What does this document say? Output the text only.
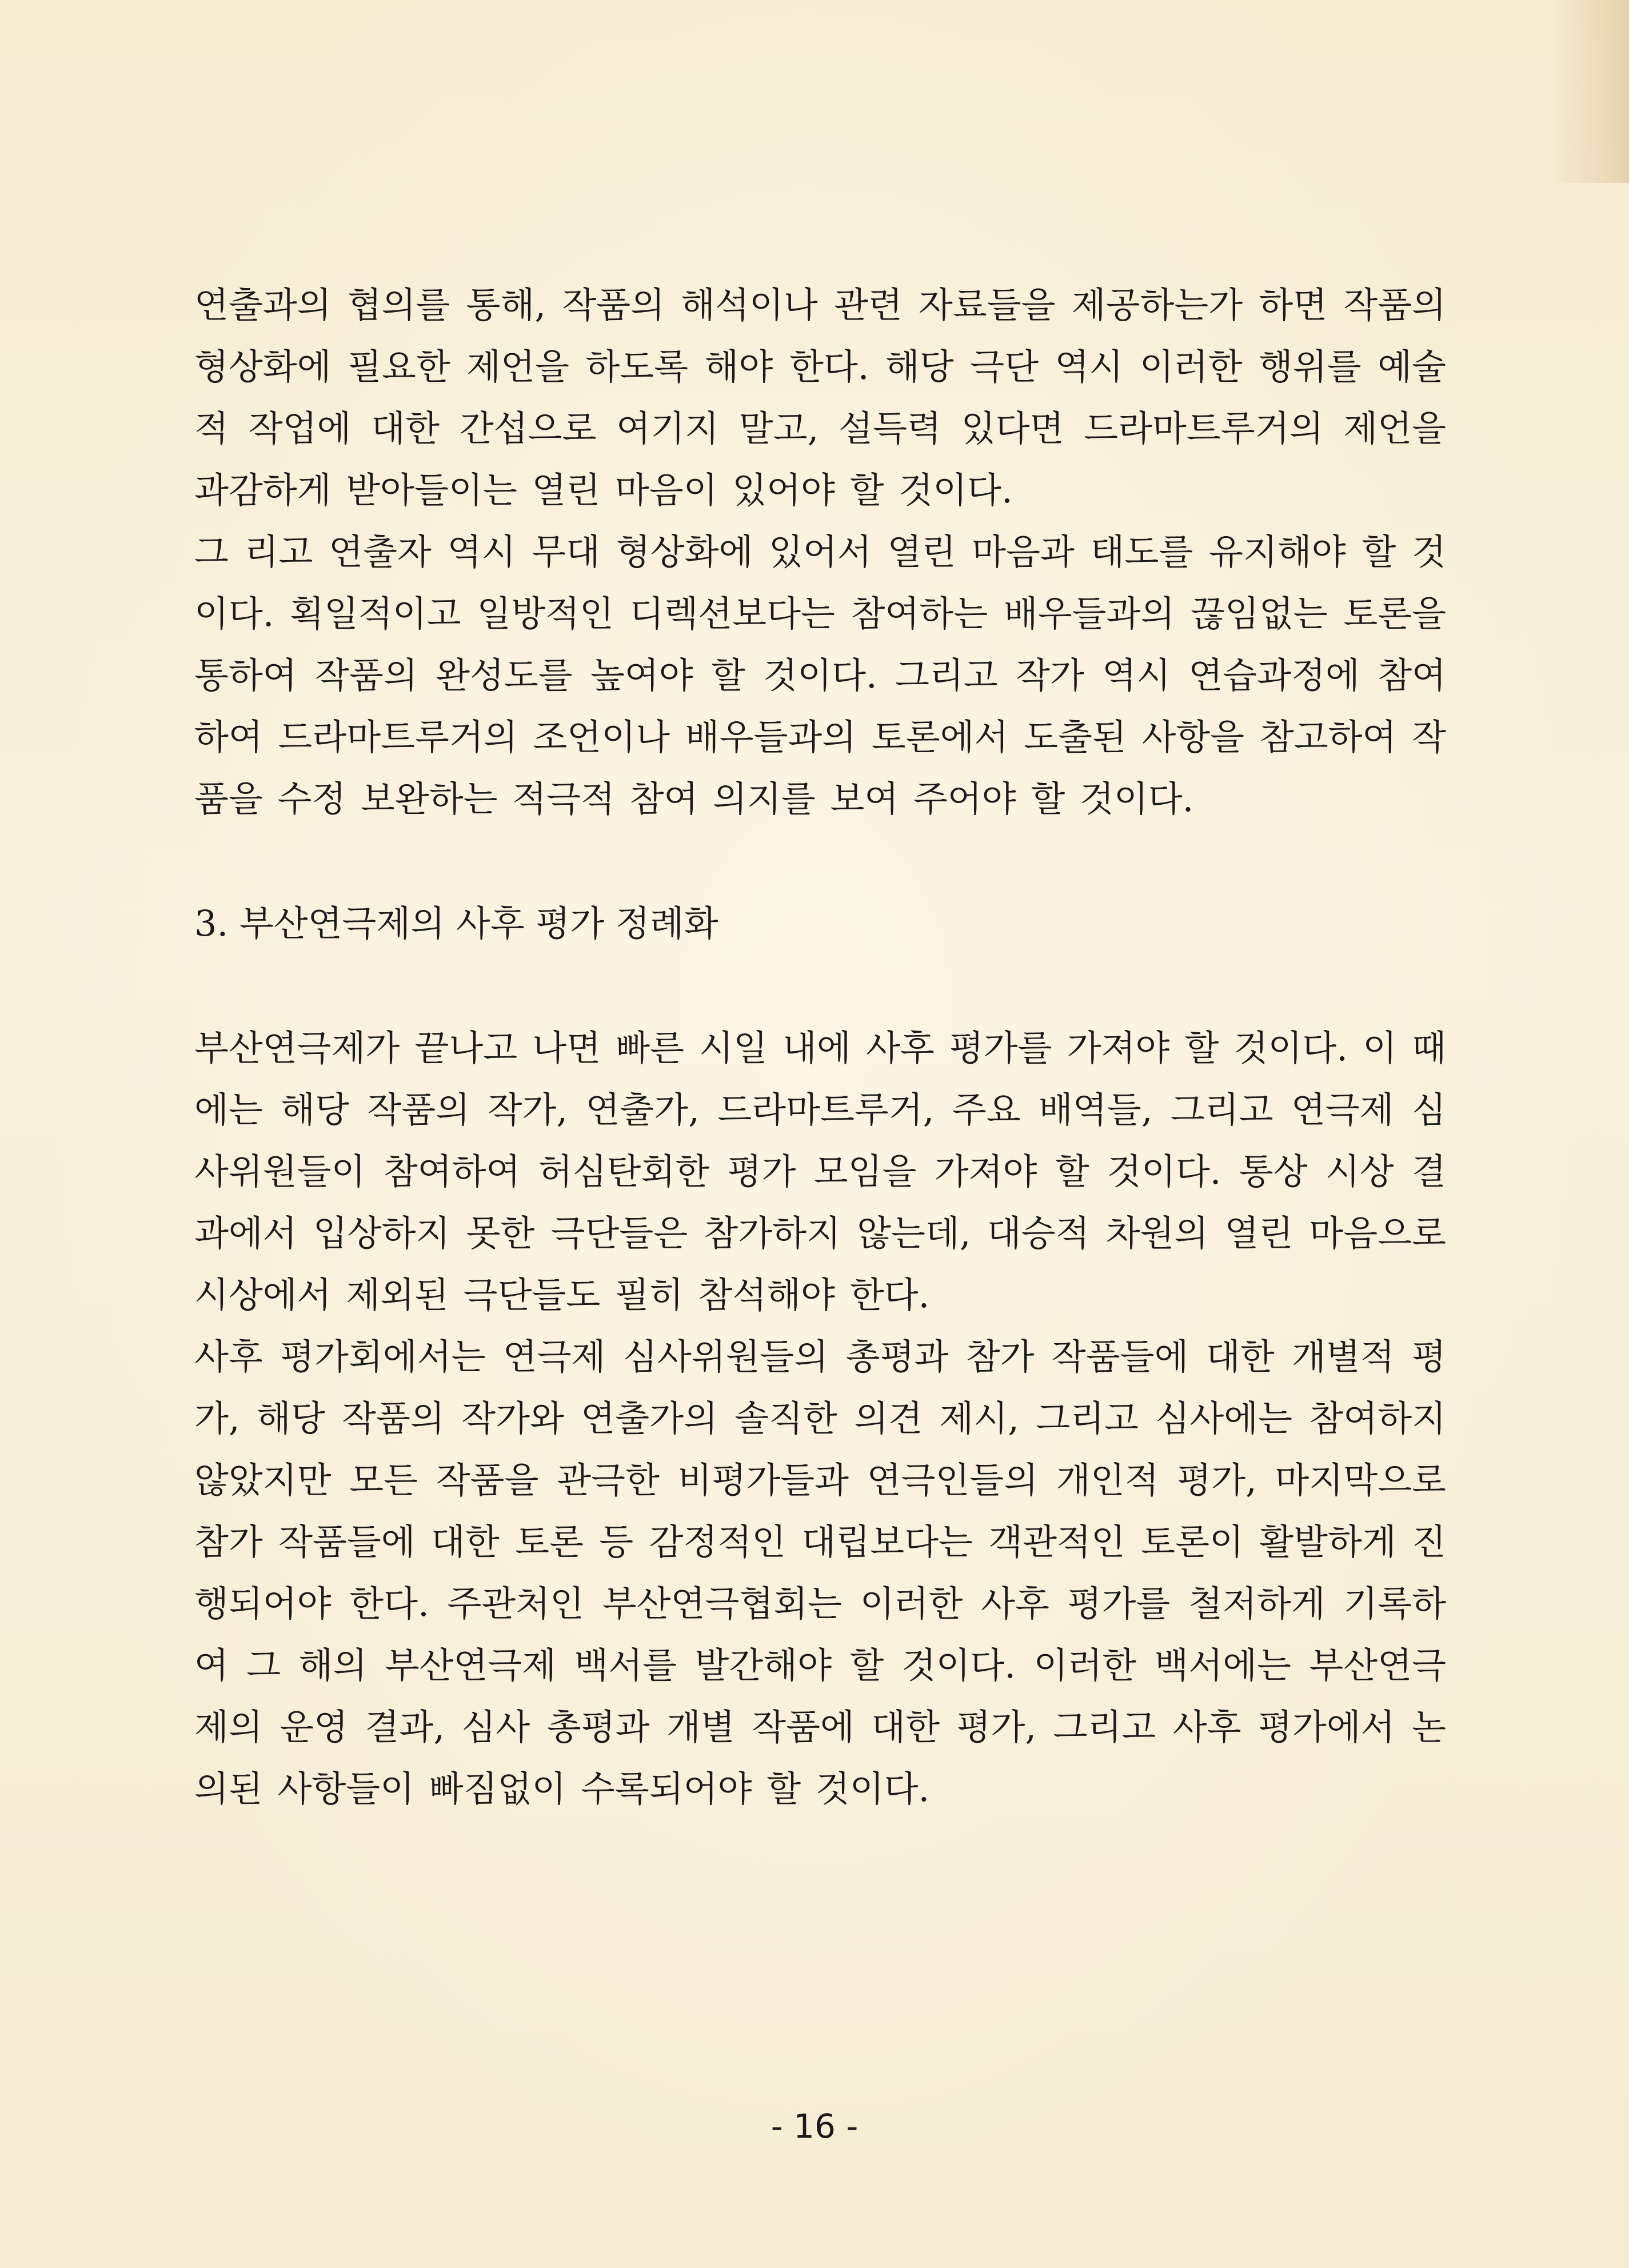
연출과의 협의를 통해, 작품의 해석이나 관련 자료들을 제공하는가 하면 작품의 형상화에 필요한 제언을 하도록 해야 한다. 해당 극단 역시 이러한 행위를 예술적 작업에 대한 간섭으로 여기지 말고, 설득력 있다면 드라마트루거의 제언을 과감하게 받아들이는 열린 마음이 있어야 할 것이다.

그 리고 연출자 역시 무대 형상화에 있어서 열린 마음과 태도를 유지해야 할 것이다. 획일적이고 일방적인 디렉션보다는 참여하는 배우들과의 끊임없는 토론을 통하여 작품의 완성도를 높여야 할 것이다. 그리고 작가 역시 연습과정에 참여하여 드라마트루거의 조언이나 배우들과의 토론에서 도출된 사항을 참고하여 작품을 수정 보완하는 적극적 참여 의지를 보여 주어야 할 것이다.

3. 부산연극제의 사후 평가 정례화

부산연극제가 끝나고 나면 빠른 시일 내에 사후 평가를 가져야 할 것이다. 이 때에는 해당 작품의 작가, 연출가, 드라마트루거, 주요 배역들, 그리고 연극제 심사위원들이 참여하여 허심탄회한 평가 모임을 가져야 할 것이다. 통상 시상 결과에서 입상하지 못한 극단들은 참가하지 않는데, 대승적 차원의 열린 마음으로 시상에서 제외된 극단들도 필히 참석해야 한다.

사후 평가회에서는 연극제 심사위원들의 총평과 참가 작품들에 대한 개별적 평가, 해당 작품의 작가와 연출가의 솔직한 의견 제시, 그리고 심사에는 참여하지 않았지만 모든 작품을 관극한 비평가들과 연극인들의 개인적 평가, 마지막으로 참가 작품들에 대한 토론 등 감정적인 대립보다는 객관적인 토론이 활발하게 진행되어야 한다. 주관처인 부산연극협회는 이러한 사후 평가를 철저하게 기록하여 그 해의 부산연극제 백서를 발간해야 할 것이다. 이러한 백서에는 부산연극제의 운영 결과, 심사 총평과 개별 작품에 대한 평가, 그리고 사후 평가에서 논의된 사항들이 빠짐없이 수록되어야 할 것이다.

- 16 -
